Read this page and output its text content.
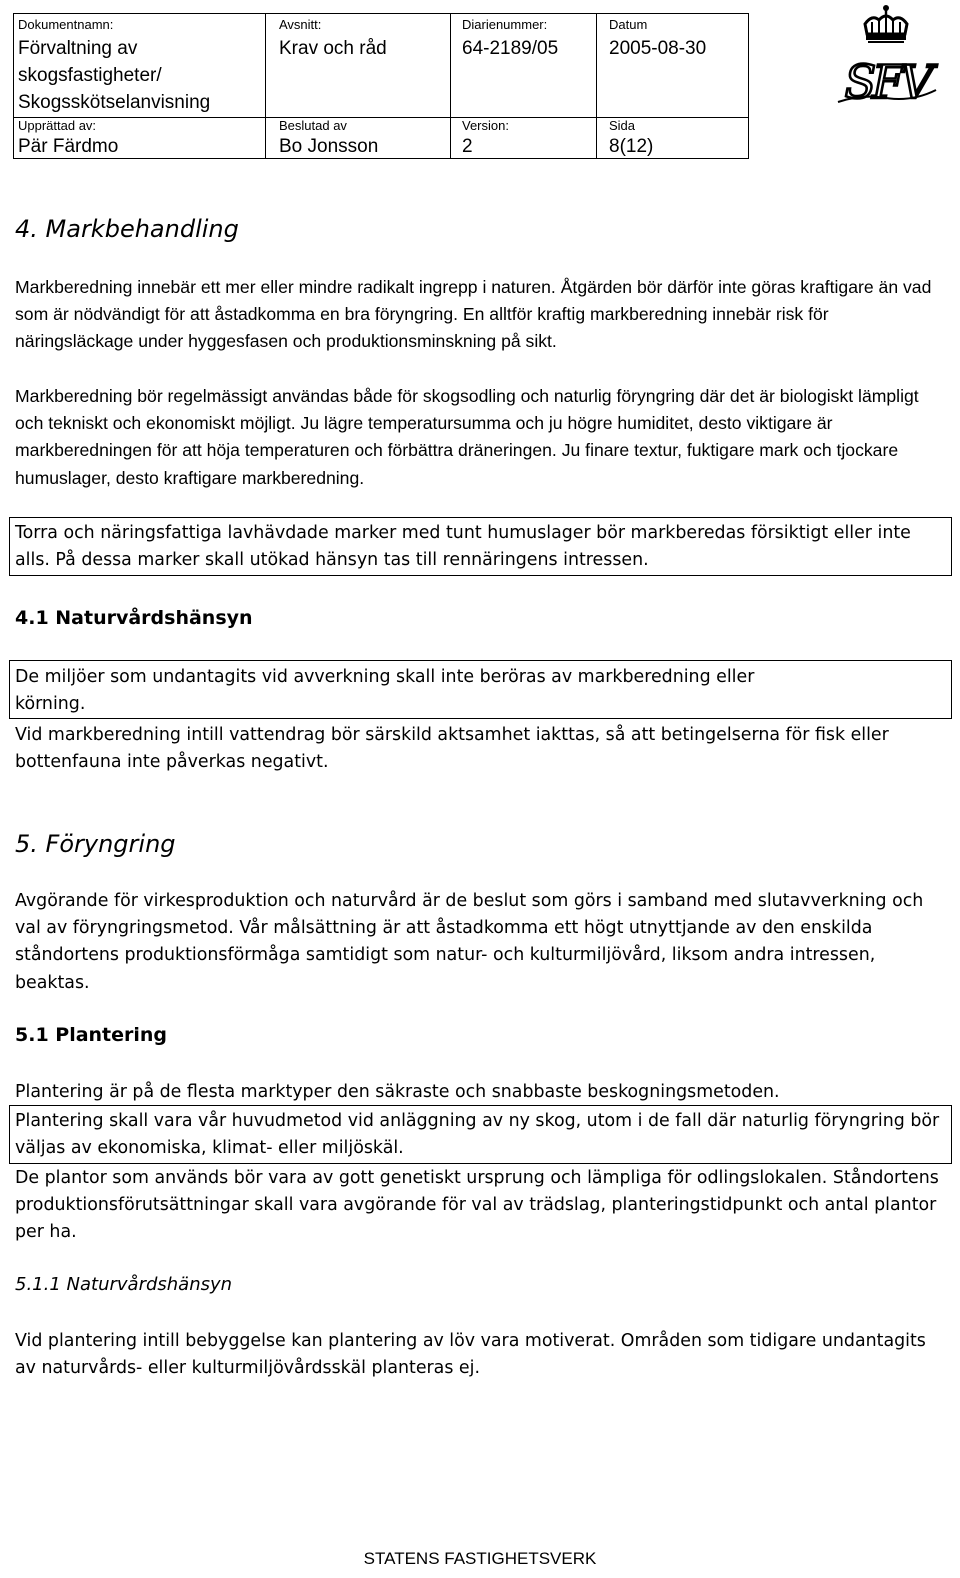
Dokumentnamn:
Förvaltning av skogsfastigheter/ Skogsskötselanvisning
Avsnitt:
Krav och råd
Diarienummer:
64-2189/05
Datum
2005-08-30
Upprättad av:
Pär Färdmo
Beslutad av
Bo Jonsson
Version:
2
Sida
8(12)
SFV
4. Markbehandling
Markberedning innebär ett mer eller mindre radikalt ingrepp i naturen. Åtgärden bör därför inte göras kraftigare än vad som är nödvändigt för att åstadkomma en bra föryngring. En alltför kraftig markberedning innebär risk för näringsläckage under hyggesfasen och produktionsminskning på sikt.
Markberedning bör regelmässigt användas både för skogsodling och naturlig föryngring där det är biologiskt lämpligt och tekniskt och ekonomiskt möjligt. Ju lägre temperatursumma och ju högre humiditet, desto viktigare är markberedningen för att höja temperaturen och förbättra dräneringen. Ju finare textur, fuktigare mark och tjockare humuslager, desto kraftigare markberedning.
Torra och näringsfattiga lavhävdade marker med tunt humuslager bör markberedas försiktigt eller inte alls. På dessa marker skall utökad hänsyn tas till rennäringens intressen.
4.1 Naturvårdshänsyn
De miljöer som undantagits vid avverkning skall inte beröras av markberedning eller körning.
Vid markberedning intill vattendrag bör särskild aktsamhet iakttas, så att betingelserna för fisk eller bottenfauna inte påverkas negativt.
5. Föryngring
Avgörande för virkesproduktion och naturvård är de beslut som görs i samband med slutavverkning och val av föryngringsmetod. Vår målsättning är att åstadkomma ett högt utnyttjande av den enskilda ståndortens produktionsförmåga samtidigt som natur- och kulturmiljövård, liksom andra intressen, beaktas.
5.1 Plantering
Plantering är på de flesta marktyper den säkraste och snabbaste beskogningsmetoden.
Plantering skall vara vår huvudmetod vid anläggning av ny skog, utom i de fall där naturlig föryngring bör väljas av ekonomiska, klimat- eller miljöskäl.
De plantor som används bör vara av gott genetiskt ursprung och lämpliga för odlingslokalen. Ståndortens produktionsförutsättningar skall vara avgörande för val av trädslag, planteringstidpunkt och antal plantor per ha.
5.1.1 Naturvårdshänsyn
Vid plantering intill bebyggelse kan plantering av löv vara motiverat. Områden som tidigare undantagits av naturvårds- eller kulturmiljövårdsskäl planteras ej.
STATENS FASTIGHETSVERK
